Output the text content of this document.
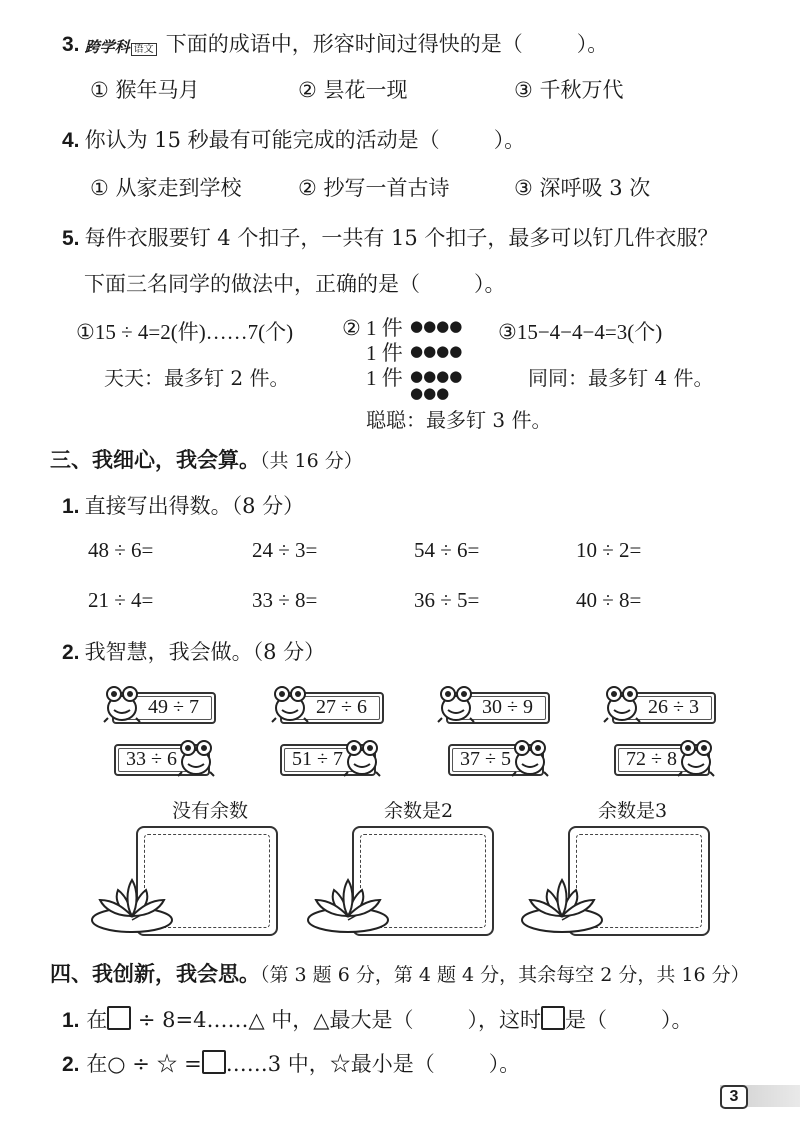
3. 跨学科 语文 下面的成语中，形容时间过得快的是（	）。
① 猴年马月	② 昙花一现	③ 千秋万代
4. 你认为 15 秒最有可能完成的活动是（	）。
① 从家走到学校	② 抄写一首古诗	③ 深呼吸 3 次
5. 每件衣服要钉 4 个扣子，一共有 15 个扣子，最多可以钉几件衣服？
下面三名同学的做法中，正确的是（	）。
①15 ÷ 4=2(件)……7(个) ② 1 件
1 件
1 件
●●●●
●●●●
●●●●
●●●
③15−4−4−4=3(个)
天天：最多钉 2 件。	同同：最多钉 4 件。
聪聪：最多钉 3 件。
三、我细心，我会算。（共 16 分）
1. 直接写出得数。（8 分）
48 ÷ 6=	24 ÷ 3=	54 ÷ 6=	10 ÷ 2=
21 ÷ 4=	33 ÷ 8=	36 ÷ 5=	40 ÷ 8=
2. 我智慧，我会做。（8 分）
49 ÷ 7	27 ÷ 6	30 ÷ 9	26 ÷ 3
33 ÷ 6	51 ÷ 7	37 ÷ 5	72 ÷ 8
没有余数	余数是2	余数是3
四、我创新，我会思。（第 3 题 6 分，第 4 题 4 分，其余每空 2 分，共 16 分）
1. 在 ÷ 8=4……△ 中，△最大是（	），这时 是（	）。
2. 在○ ÷ ☆ = ……3 中，☆最小是（	）。
3
